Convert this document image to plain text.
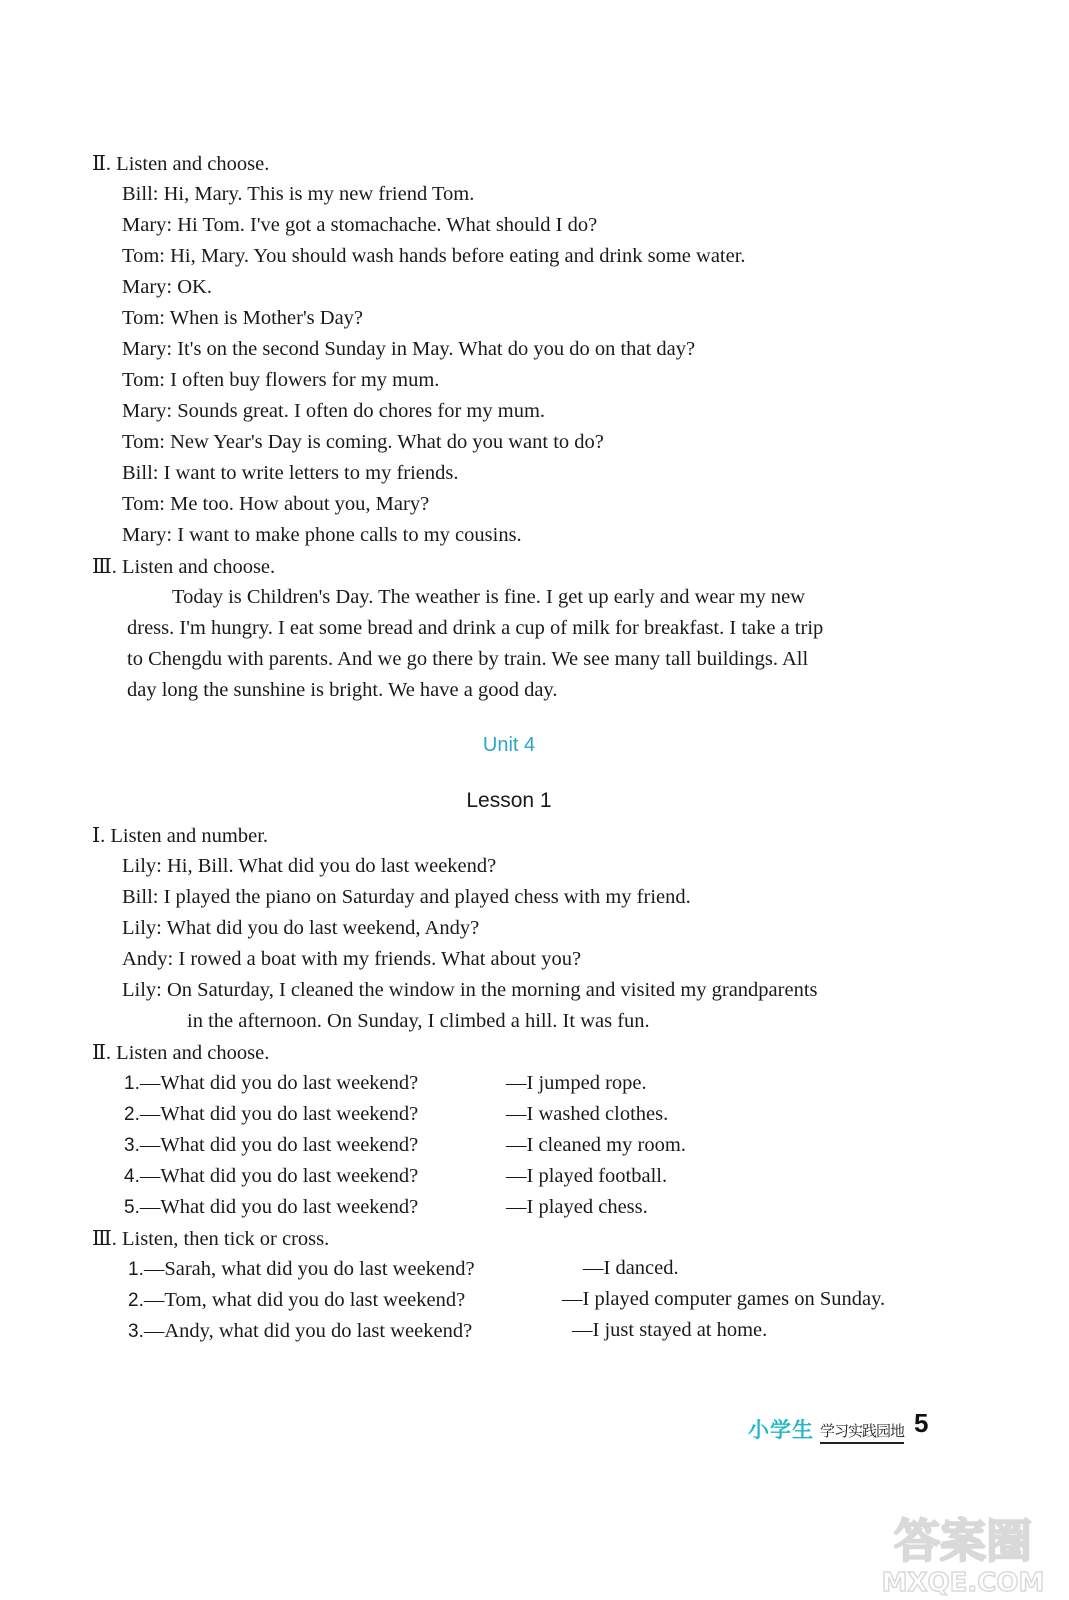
Ⅱ. Listen and choose.
Bill: Hi, Mary. This is my new friend Tom.
Mary: Hi Tom. I've got a stomachache. What should I do?
Tom: Hi, Mary. You should wash hands before eating and drink some water.
Mary: OK.
Tom: When is Mother's Day?
Mary: It's on the second Sunday in May. What do you do on that day?
Tom: I often buy flowers for my mum.
Mary: Sounds great. I often do chores for my mum.
Tom: New Year's Day is coming. What do you want to do?
Bill: I want to write letters to my friends.
Tom: Me too. How about you, Mary?
Mary: I want to make phone calls to my cousins.
Ⅲ. Listen and choose.
Today is Children's Day. The weather is fine. I get up early and wear my new
dress. I'm hungry. I eat some bread and drink a cup of milk for breakfast. I take a trip
to Chengdu with parents. And we go there by train. We see many tall buildings. All
day long the sunshine is bright. We have a good day.
Unit 4
Lesson 1
Ⅰ. Listen and number.
Lily: Hi, Bill. What did you do last weekend?
Bill: I played the piano on Saturday and played chess with my friend.
Lily: What did you do last weekend, Andy?
Andy: I rowed a boat with my friends. What about you?
Lily: On Saturday, I cleaned the window in the morning and visited my grandparents
in the afternoon. On Sunday, I climbed a hill. It was fun.
Ⅱ. Listen and choose.
1.—What did you do last weekend?	—I jumped rope.
2.—What did you do last weekend?	—I washed clothes.
3.—What did you do last weekend?	—I cleaned my room.
4.—What did you do last weekend?	—I played football.
5.—What did you do last weekend?	—I played chess.
Ⅲ. Listen, then tick or cross.
1.—Sarah, what did you do last weekend?	—I danced.
2.—Tom, what did you do last weekend?	—I played computer games on Sunday.
3.—Andy, what did you do last weekend?	—I just stayed at home.
小学生 学习实践园地 5
答案圈
MXQE.COM
